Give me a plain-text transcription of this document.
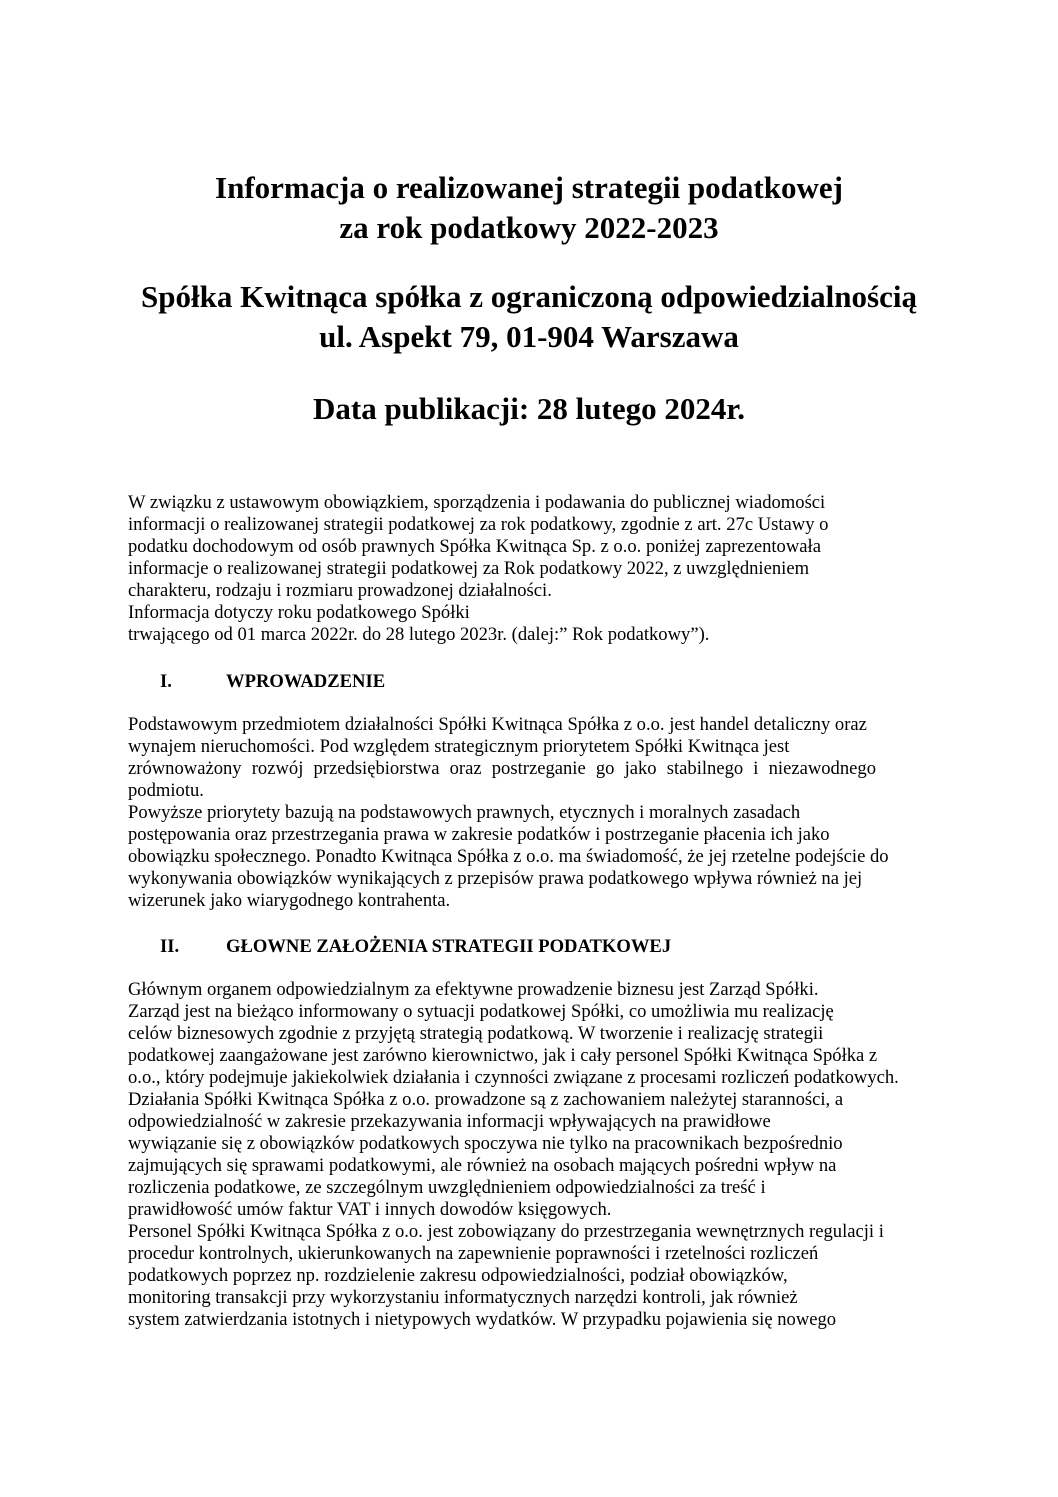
Informacja o realizowanej strategii podatkowej
za rok podatkowy 2022-2023
Spółka Kwitnąca spółka z ograniczoną odpowiedzialnością
ul. Aspekt 79, 01-904 Warszawa
Data publikacji: 28 lutego 2024r.
W związku z ustawowym obowiązkiem, sporządzenia i podawania do publicznej wiadomości
informacji o realizowanej strategii podatkowej za rok podatkowy, zgodnie z art. 27c Ustawy o
podatku dochodowym od osób prawnych Spółka Kwitnąca Sp. z o.o. poniżej zaprezentowała
informacje o realizowanej strategii podatkowej za Rok podatkowy 2022, z uwzględnieniem
charakteru, rodzaju i rozmiaru prowadzonej działalności.
Informacja dotyczy roku podatkowego Spółki
trwającego od 01 marca 2022r. do 28 lutego 2023r. (dalej:” Rok podatkowy”).
I.	WPROWADZENIE
Podstawowym przedmiotem działalności Spółki Kwitnąca Spółka z o.o. jest handel detaliczny oraz
wynajem nieruchomości. Pod względem strategicznym priorytetem Spółki Kwitnąca jest
zrównoważony rozwój przedsiębiorstwa oraz postrzeganie go jako stabilnego i niezawodnego
podmiotu.
Powyższe priorytety bazują na podstawowych prawnych, etycznych i moralnych zasadach
postępowania oraz przestrzegania prawa w zakresie podatków i postrzeganie płacenia ich jako
obowiązku społecznego. Ponadto Kwitnąca Spółka z o.o. ma świadomość, że jej rzetelne podejście do
wykonywania obowiązków wynikających z przepisów prawa podatkowego wpływa również na jej
wizerunek jako wiarygodnego kontrahenta.
II.	GŁOWNE ZAŁOŻENIA STRATEGII PODATKOWEJ
Głównym organem odpowiedzialnym za efektywne prowadzenie biznesu jest Zarząd Spółki.
Zarząd jest na bieżąco informowany o sytuacji podatkowej Spółki, co umożliwia mu realizację
celów biznesowych zgodnie z przyjętą strategią podatkową. W tworzenie i realizację strategii
podatkowej zaangażowane jest zarówno kierownictwo, jak i cały personel Spółki Kwitnąca Spółka z
o.o., który podejmuje jakiekolwiek działania i czynności związane z procesami rozliczeń podatkowych.
Działania Spółki Kwitnąca Spółka z o.o. prowadzone są z zachowaniem należytej staranności, a
odpowiedzialność w zakresie przekazywania informacji wpływających na prawidłowe
wywiązanie się z obowiązków podatkowych spoczywa nie tylko na pracownikach bezpośrednio
zajmujących się sprawami podatkowymi, ale również na osobach mających pośredni wpływ na
rozliczenia podatkowe, ze szczególnym uwzględnieniem odpowiedzialności za treść i
prawidłowość umów faktur VAT i innych dowodów księgowych.
Personel Spółki Kwitnąca Spółka z o.o. jest zobowiązany do przestrzegania wewnętrznych regulacji i
procedur kontrolnych, ukierunkowanych na zapewnienie poprawności i rzetelności rozliczeń
podatkowych poprzez np. rozdzielenie zakresu odpowiedzialności, podział obowiązków,
monitoring transakcji przy wykorzystaniu informatycznych narzędzi kontroli, jak również
system zatwierdzania istotnych i nietypowych wydatków. W przypadku pojawienia się nowego
